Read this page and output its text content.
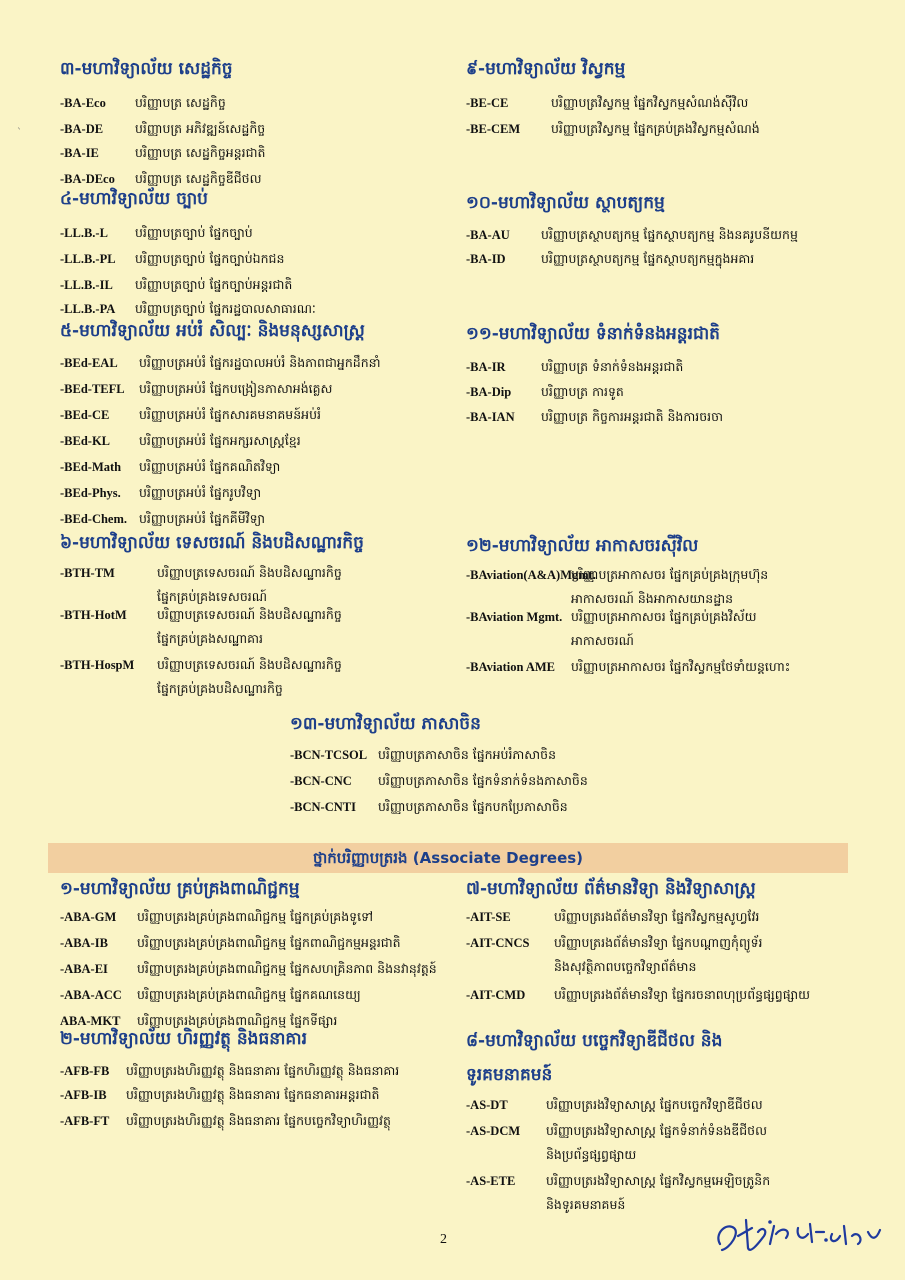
៣-មហាវិទ្យាល័យ សេដ្ឋកិច្ច
-BA-Eco បរិញ្ញាបត្រ សេដ្ឋកិច្ច
-BA-DE	បរិញ្ញាបត្រ អភិវឌ្ឍន៍សេដ្ឋកិច្ច
-BA-IE	បរិញ្ញាបត្រ សេដ្ឋកិច្ចអន្តរជាតិ
-BA-DEco បរិញ្ញាបត្រ សេដ្ឋកិច្ចឌីជីថល
៩-មហាវិទ្យាល័យ វិស្វកម្ម
-BE-CE	បរិញ្ញាបត្រវិស្វកម្ម ផ្នែកវិស្វកម្មសំណង់ស៊ីវិល
-BE-CEM បរិញ្ញាបត្រវិស្វកម្ម ផ្នែកគ្រប់គ្រងវិស្វកម្មសំណង់
៤-មហាវិទ្យាល័យ ច្បាប់
-LL.B.-L បរិញ្ញាបត្រច្បាប់ ផ្នែកច្បាប់
-LL.B.-PL បរិញ្ញាបត្រច្បាប់ ផ្នែកច្បាប់ឯកជន
-LL.B.-IL បរិញ្ញាបត្រច្បាប់ ផ្នែកច្បាប់អន្តរជាតិ
-LL.B.-PA បរិញ្ញាបត្រច្បាប់ ផ្នែករដ្ឋបាលសាធារណៈ
១០-មហាវិទ្យាល័យ ស្ថាបត្យកម្ម
-BA-AU	បរិញ្ញាបត្រស្ថាបត្យកម្ម ផ្នែកស្ថាបត្យកម្ម និងនគរូបនីយកម្ម
-BA-ID	បរិញ្ញាបត្រស្ថាបត្យកម្ម ផ្នែកស្ថាបត្យកម្មក្នុងអគារ
៥-មហាវិទ្យាល័យ អប់រំ សិល្បៈ និងមនុស្សសាស្ត្រ
-BEd-EAL បរិញ្ញាបត្រអប់រំ ផ្នែករដ្ឋបាលអប់រំ និងភាពជាអ្នកដឹកនាំ
-BEd-TEFL បរិញ្ញាបត្រអប់រំ ផ្នែកបង្រៀនភាសាអង់គ្លេស
-BEd-CE បរិញ្ញាបត្រអប់រំ ផ្នែកសារគមនាគមន៍អប់រំ
-BEd-KL បរិញ្ញាបត្រអប់រំ ផ្នែកអក្សរសាស្ត្រខ្មែរ
-BEd-Math បរិញ្ញាបត្រអប់រំ ផ្នែកគណិតវិទ្យា
-BEd-Phys. បរិញ្ញាបត្រអប់រំ ផ្នែករូបវិទ្យា
-BEd-Chem. បរិញ្ញាបត្រអប់រំ ផ្នែកគីមីវិទ្យា
១១-មហាវិទ្យាល័យ ទំនាក់ទំនងអន្តរជាតិ
-BA-IR	បរិញ្ញាបត្រ ទំនាក់ទំនងអន្តរជាតិ
-BA-Dip បរិញ្ញាបត្រ ការទូត
-BA-IAN បរិញ្ញាបត្រ កិច្ចការអន្តរជាតិ និងការចរចា
៦-មហាវិទ្យាល័យ ទេសចរណ៍ និងបដិសណ្ឋារកិច្ច
-BTH-TM	បរិញ្ញាបត្រទេសចរណ៍ និងបដិសណ្ឋារកិច្ច
ផ្នែកគ្រប់គ្រងទេសចរណ៍
-BTH-HotM បរិញ្ញាបត្រទេសចរណ៍ និងបដិសណ្ឋារកិច្ច
ផ្នែកគ្រប់គ្រងសណ្ឋាគារ
-BTH-HospM បរិញ្ញាបត្រទេសចរណ៍ និងបដិសណ្ឋារកិច្ច
ផ្នែកគ្រប់គ្រងបដិសណ្ឋារកិច្ច
១២-មហាវិទ្យាល័យ អាកាសចរស៊ីវិល
-BAviation(A&A)Mgmt.
បរិញ្ញាបត្រអាកាសចរ ផ្នែកគ្រប់គ្រងក្រុមហ៊ុន
អាកាសចរណ៍ និងអាកាសយានដ្ឋាន
-BAviation Mgmt. បរិញ្ញាបត្រអាកាសចរ ផ្នែកគ្រប់គ្រងវិស័យ
អាកាសចរណ៍
-BAviation AME បរិញ្ញាបត្រអាកាសចរ ផ្នែកវិស្វកម្មថែទាំយន្តហោះ
១៣-មហាវិទ្យាល័យ ភាសាចិន
-BCN-TCSOL បរិញ្ញាបត្រភាសាចិន ផ្នែកអប់រំភាសាចិន
-BCN-CNC បរិញ្ញាបត្រភាសាចិន ផ្នែកទំនាក់ទំនងភាសាចិន
-BCN-CNTI បរិញ្ញាបត្រភាសាចិន ផ្នែកបកប្រែភាសាចិន
១-មហាវិទ្យាល័យ គ្រប់គ្រងពាណិជ្ជកម្ម
-ABA-GM បរិញ្ញាបត្ររងគ្រប់គ្រងពាណិជ្ជកម្ម ផ្នែកគ្រប់គ្រងទូទៅ
-ABA-IB បរិញ្ញាបត្ររងគ្រប់គ្រងពាណិជ្ជកម្ម ផ្នែកពាណិជ្ជកម្មអន្តរជាតិ
-ABA-EI បរិញ្ញាបត្ររងគ្រប់គ្រងពាណិជ្ជកម្ម ផ្នែកសហគ្រិនភាព និងនវានុវត្តន៍
-ABA-ACC បរិញ្ញាបត្ររងគ្រប់គ្រងពាណិជ្ជកម្ម ផ្នែកគណនេយ្យ
ABA-MKT បរិញ្ញាបត្ររងគ្រប់គ្រងពាណិជ្ជកម្ម ផ្នែកទីផ្សារ
៧-មហាវិទ្យាល័យ ព័ត៌មានវិទ្យា និងវិទ្យាសាស្ត្រ
-AIT-SE	បរិញ្ញាបត្ររងព័ត៌មានវិទ្យា ផ្នែកវិស្វកម្មសូហ្វវែរ
-AIT-CNCS បរិញ្ញាបត្ររងព័ត៌មានវិទ្យា ផ្នែកបណ្តាញកុំព្យូទ័រ
និងសុវត្ថិភាពបច្ចេកវិទ្យាព័ត៌មាន
-AIT-CMD បរិញ្ញាបត្ររងព័ត៌មានវិទ្យា ផ្នែករចនាពហុប្រព័ន្ធផ្សព្វផ្សាយ
២-មហាវិទ្យាល័យ ហិរញ្ញវត្ថុ និងធនាគារ
-AFB-FB បរិញ្ញាបត្ររងហិរញ្ញវត្ថុ និងធនាគារ ផ្នែកហិរញ្ញវត្ថុ និងធនាគារ
-AFB-IB បរិញ្ញាបត្ររងហិរញ្ញវត្ថុ និងធនាគារ ផ្នែកធនាគារអន្តរជាតិ
-AFB-FT បរិញ្ញាបត្ររងហិរញ្ញវត្ថុ និងធនាគារ ផ្នែកបច្ចេកវិទ្យាហិរញ្ញវត្ថុ
៨-មហាវិទ្យាល័យ បច្ចេកវិទ្យាឌីជីថល និង
ទូរគមនាគមន៍
-AS-DT	បរិញ្ញាបត្ររងវិទ្យាសាស្ត្រ ផ្នែកបច្ចេកវិទ្យាឌីជីថល
-AS-DCM បរិញ្ញាបត្ររងវិទ្យាសាស្ត្រ ផ្នែកទំនាក់ទំនងឌីជីថល
និងប្រព័ន្ធផ្សព្វផ្សាយ
-AS-ETE បរិញ្ញាបត្ររងវិទ្យាសាស្ត្រ ផ្នែកវិស្វកម្មអេឡិចត្រូនិក
និងទូរគមនាគមន៍
ថ្នាក់បរិញ្ញាបត្ររង (Associate Degrees)
ˋ
2
